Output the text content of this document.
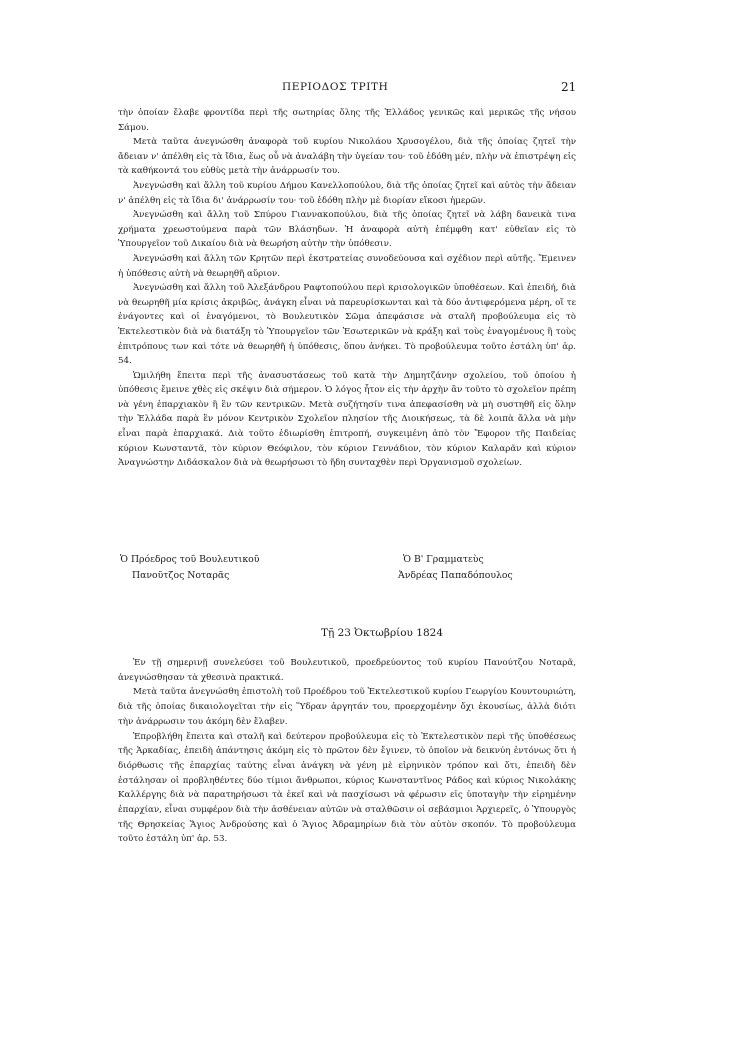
ΠΕΡΙΟΔΟΣ ΤΡΙΤΗ	21

τὴν ὁποίαν ἔλαβε φροντίδα περὶ τῆς σωτηρίας ὅλης τῆς Ἑλλάδος γενικῶς καὶ μερικῶς τῆς νήσου Σάμου.

Μετὰ ταῦτα ἀνεγνώσθη ἀναφορὰ τοῦ κυρίου Νικολάου Χρυσογέλου, διὰ τῆς ὁποίας ζητεῖ τὴν ἄδειαν ν' ἀπέλθη εἰς τὰ ἴδια, ἕως οὗ νὰ ἀναλάβη τὴν ὑγείαν του· τοῦ ἐδόθη μέν, πλὴν νὰ ἐπιστρέψη εἰς τὰ καθήκοντά του εὐθὺς μετὰ τὴν ἀνάρρωσίν του.

Ἀνεγνώσθη καὶ ἄλλη τοῦ κυρίου Δήμου Κανελλοπούλου, διὰ τῆς ὁποίας ζητεῖ καὶ αὐτὸς τὴν ἄδειαν ν' ἀπέλθη εἰς τὰ ἴδια δι' ἀνάρρωσίν του· τοῦ ἐδόθη πλὴν μὲ διορίαν εἴκοσι ἡμερῶν.

Ἀνεγνώσθη καὶ ἄλλη τοῦ Σπύρου Γιαννακοπούλου, διὰ τῆς ὁποίας ζητεῖ νὰ λάβη δανεικὰ τινα χρήματα χρεωστούμενα παρὰ τῶν Βλάσηδων. Ἡ ἀναφορὰ αὐτὴ ἐπέμφθη κατ' εὐθεῖαν εἰς τὸ Ὑπουργεῖον τοῦ Δικαίου διὰ νὰ θεωρήση αὐτὴν τὴν ὑπόθεσιν.

Ἀνεγνώσθη καὶ ἄλλη τῶν Κρητῶν περὶ ἐκστρατείας συνοδεύουσα καὶ σχέδιον περὶ αὐτῆς. Ἔμεινεν ἡ ὑπόθεσις αὐτὴ νὰ θεωρηθῆ αὔριον.

Ἀνεγνώσθη καὶ ἄλλη τοῦ Ἀλεξάνδρου Ραφτοπούλου περὶ κρισολογικῶν ὑποθέσεων. Καὶ ἐπειδή, διὰ νὰ θεωρηθῆ μία κρίσις ἀκριβῶς, ἀνάγκη εἶναι νὰ παρευρίσκωνται καὶ τὰ δύο ἀντιφερόμενα μέρη, οἵ τε ἐνάγοντες καὶ οἱ ἐναγόμενοι, τὸ Βουλευτικὸν Σῶμα ἀπεφάσισε νὰ σταλῆ προβούλευμα εἰς τὸ Ἐκτελεστικὸν διὰ νὰ διατάξη τὸ Ὑπουργεῖον τῶν Ἐσωτερικῶν νὰ κράξη καὶ τοὺς ἐναγομένους ἢ τοὺς ἐπιτρόπους των καὶ τότε νὰ θεωρηθῆ ἡ ὑπόθεσις, ὅπου ἀνήκει. Τὸ προβούλευμα τοῦτο ἐστάλη ὑπ' ἀρ. 54.

Ὡμιλήθη ἔπειτα περὶ τῆς ἀνασυστάσεως τοῦ κατὰ τὴν Δημητζάνην σχολείου, τοῦ ὁποίου ἡ ὑπόθεσις ἔμεινε χθὲς εἰς σκέψιν διὰ σήμερον. Ὁ λόγος ἦτον εἰς τὴν ἀρχὴν ἂν τοῦτο τὸ σχολεῖον πρέπη νὰ γένη ἐπαρχιακὸν ἢ ἓν τῶν κεντρικῶν. Μετὰ συζήτησίν τινα ἀπεφασίσθη νὰ μὴ συστηθῆ εἰς ὅλην τὴν Ἑλλάδα παρὰ ἓν μόνον Κεντρικὸν Σχολεῖον πλησίον τῆς Διοικήσεως, τὰ δὲ λοιπὰ ἄλλα νὰ μὴν εἶναι παρὰ ἐπαρχιακά. Διὰ τοῦτο ἐδιωρίσθη ἐπιτροπή, συγκειμένη ἀπὸ τὸν Ἔφορον τῆς Παιδείας κύριον Κωνσταντᾶ, τὸν κύριον Θεόφιλον, τὸν κύριον Γεννάδιον, τὸν κύριον Καλαρᾶν καὶ κύριον Ἀναγνώστην Διδάσκαλον διὰ νὰ θεωρήσωσι τὸ ἤδη συνταχθὲν περὶ Ὀργανισμοῦ σχολείων.

Ὁ Πρόεδρος τοῦ Βουλευτικοῦ
Πανοῦτζος Νοταρᾶς
Ὁ Β' Γραμματεὺς
Ἀνδρέας Παπαδόπουλος
Τῇ 23 Ὀκτωβρίου 1824

Ἐν τῇ σημερινῇ συνελεύσει τοῦ Βουλευτικοῦ, προεδρεύοντος τοῦ κυρίου Πανούτζου Νοταρᾶ, ἀνεγνώσθησαν τὰ χθεσινὰ πρακτικά.

Μετὰ ταῦτα ἀνεγνώσθη ἐπιστολὴ τοῦ Προέδρου τοῦ Ἐκτελεστικοῦ κυρίου Γεωργίου Κουντουριώτη, διὰ τῆς ὁποίας δικαιολογεῖται τὴν εἰς Ὕδραν ἀργητάν του, προερχομένην ὄχι ἑκουσίως, ἀλλὰ διότι τὴν ἀνάρρωσιν του ἀκόμη δὲν ἔλαβεν.

Ἐπροβλήθη ἔπειτα καὶ σταλῆ καὶ δεύτερον προβούλευμα εἰς τὸ Ἐκτελεστικὸν περὶ τῆς ὑποθέσεως τῆς Ἀρκαδίας, ἐπειδὴ ἀπάντησις ἀκόμη εἰς τὸ πρῶτον δὲν ἔγινεν, τὸ ὁποῖον νὰ δεικνύη ἐντόνως ὅτι ἡ διόρθωσις τῆς ἐπαρχίας ταύτης εἶναι ἀνάγκη νὰ γένη μὲ εἰρηνικὸν τρόπον καὶ ὅτι, ἐπειδὴ δὲν ἐστάλησαν οἱ προβληθέντες δύο τίμιοι ἄνθρωποι, κύριος Κωνσταντῖνος Ράδος καὶ κύριος Νικολάκης Καλλέργης διὰ νὰ παρατηρήσωσι τὰ ἐκεῖ καὶ νὰ πασχίσωσι νὰ φέρωσιν εἰς ὑποταγὴν τὴν εἰρημένην ἐπαρχίαν, εἶναι συμφέρον διὰ τὴν ἀσθένειαν αὐτῶν νὰ σταλθῶσιν οἱ σεβάσμιοι Ἀρχιερεῖς, ὁ Ὑπουργὸς τῆς Θρησκείας Ἅγιος Ἀνδρούσης καὶ ὁ Ἅγιος Ἀδραμηρίων διὰ τὸν αὐτὸν σκοπόν. Τὸ προβούλευμα τοῦτο ἐστάλη ὑπ' ἀρ. 53.
